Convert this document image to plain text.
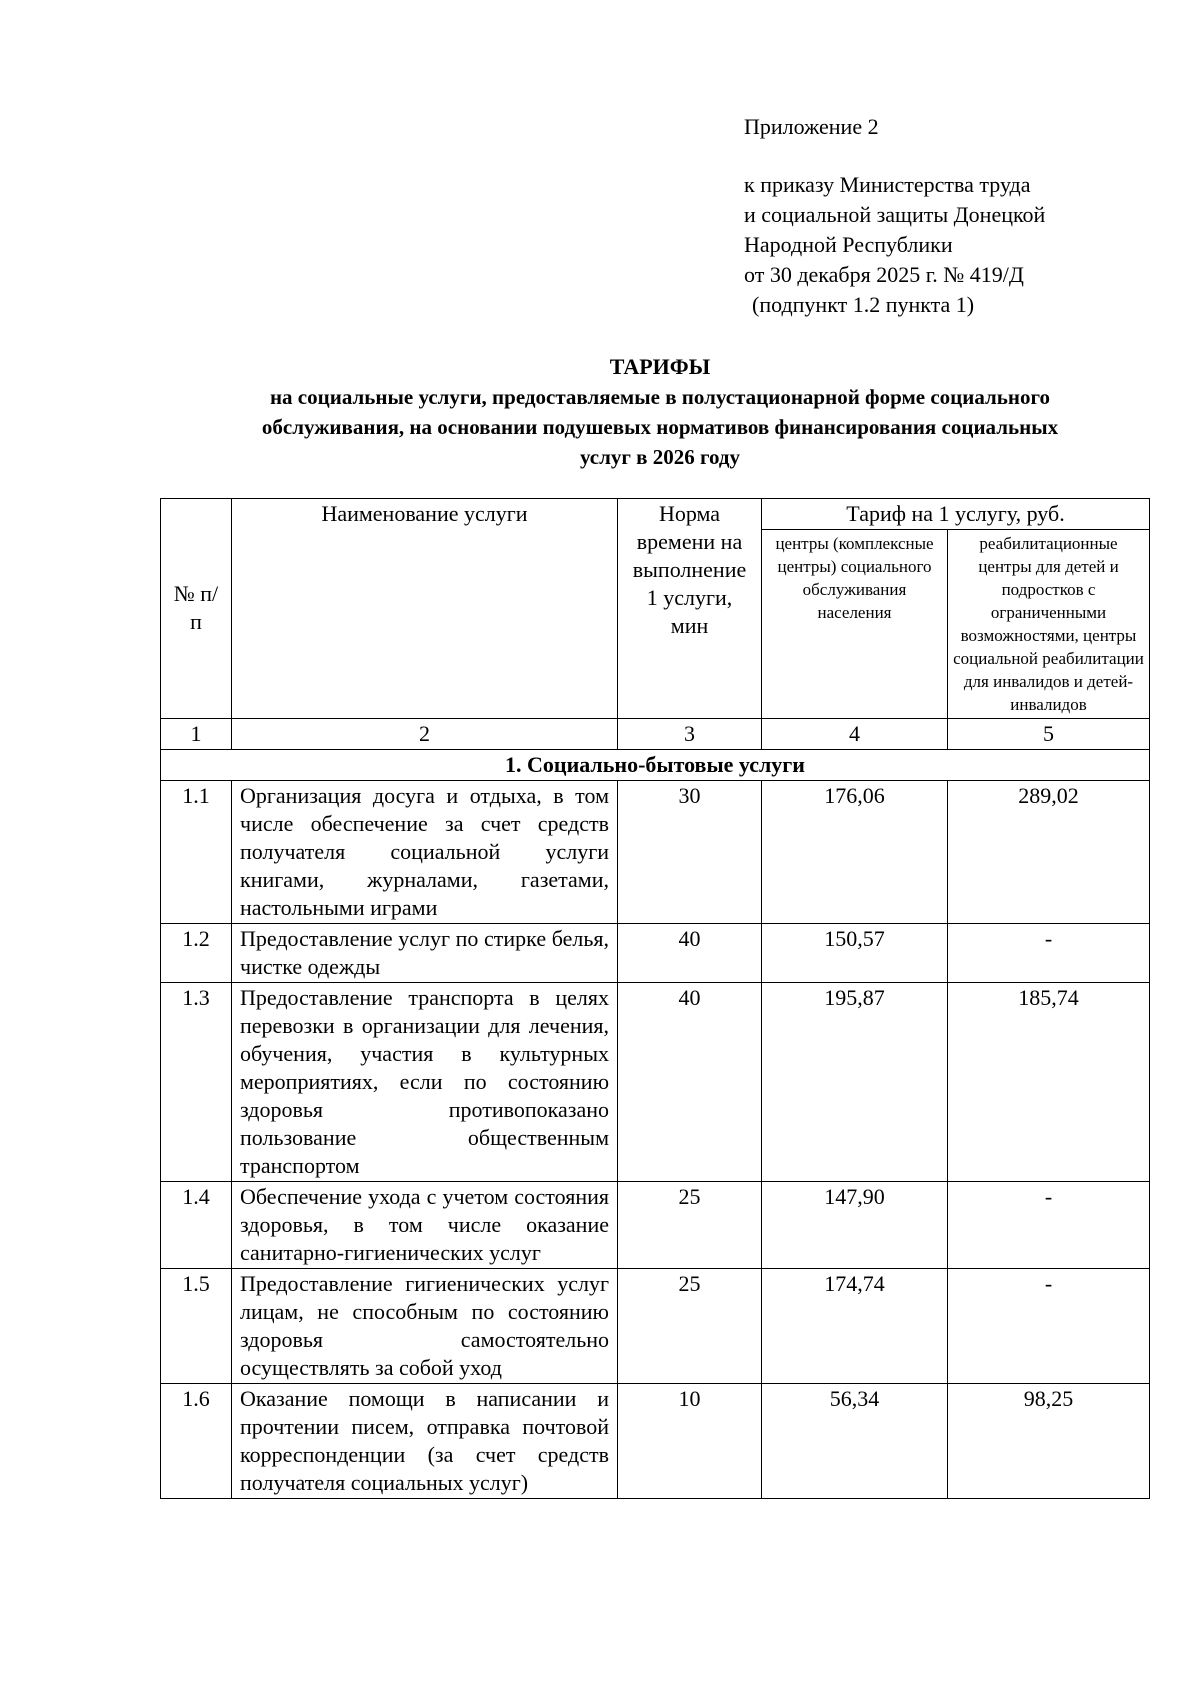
Приложение 2
к приказу Министерства труда
и социальной защиты Донецкой
Народной Республики
от 30 декабря 2025 г. № 419/Д
(подпункт 1.2 пункта 1)
ТАРИФЫ
на социальные услуги, предоставляемые в полустационарной форме социального
обслуживания, на основании подушевых нормативов финансирования социальных
услуг в 2026 году
№ п/п	Наименование услуги	Норма времени на выполнение 1 услуги, мин	Тариф на 1 услугу, руб.	
			центры (комплексные центры) социального обслуживания населения	реабилитационные центры для детей и подростков с ограниченными возможностями, центры социальной реабилитации для инвалидов и детей-инвалидов
1	2	3	4	5
1. Социально-бытовые услуги				
1.1	Организация досуга и отдыха, в том числе обеспечение за счет средств получателя социальной услуги книгами, журналами, газетами, настольными играми	30	176,06	289,02
1.2	Предоставление услуг по стирке белья, чистке одежды	40	150,57	-
1.3	Предоставление транспорта в целях перевозки в организации для лечения, обучения, участия в культурных мероприятиях, если по состоянию здоровья противопоказано пользование общественным транспортом	40	195,87	185,74
1.4	Обеспечение ухода с учетом состояния здоровья, в том числе оказание санитарно-гигиенических услуг	25	147,90	-
1.5	Предоставление гигиенических услуг лицам, не способным по состоянию здоровья самостоятельно осуществлять за собой уход	25	174,74	-
1.6	Оказание помощи в написании и прочтении писем, отправка почтовой корреспонденции (за счет средств получателя социальных услуг)	10	56,34	98,25
